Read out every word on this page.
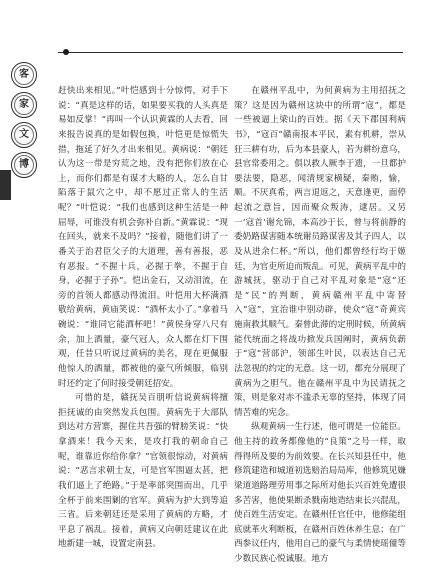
客
家
文
博

赶快出来相见。”叶恺感到十分惊愕，对手下说：“真是这样的话，如果要买我的人头真是易如反掌！”再叫一个认识黄霖的人去看，回来报告说真的是如假包换，叶恺更是惊慌失措，拖延了好久才出来相见。黄病说：“朝廷认为这一带是穷荒之地，没有把你们放在心上，而你们都是有谋才大略的人，怎么自甘陷落于鼠穴之中，却不愿过正常人的生活呢？”叶恺说：“我们也感到这种生活是一种屈辱，可谁没有机会弥补自新。”黄霖说：“现在回头，就来不及吗？”接着，随他们讲了一番关于治君臣父子的大道理，善有善报，恶有恶报。“不握十兵，必握于拳，不握于自身，必握于子孙”。恺出金石，又动泪流，在旁的首领人都感动得流泪。叶恺用大杯满酒敬给黄病，黄庙笑说：“酒杯太小了。”拿着马碗说：“谁同它能酒杯吧！”黄侯身穿八尺有余，加上酒量，豪气冠人，众人都在灯下围观，任昔只听说过黄病的美名，现在更佩服他惊人的酒量，都被他的豪气所倾服，临别时还约定了何时接受朝廷招安。

可惜的是，赣抚吴百朋听信说黄病将擅拒抚诚的由突然发兵包围。黄病先于大部队到达对方营寨，握住共吾强的臂膀笑说：“快拿酒来！我今天来，是攻打我的朝命自己呢，谁靠近你给你拿？”官领很惊动，对黄病说：“恶言求朝士友，可是官军围逼太甚，把我们逼上了绝路。”于是率部突围而出，几乎全杯于前来围剿的官军。黄病为护大到等追三省。后来朝廷还是采用了黄病的方略，才平息了祸乱。接着，黄病又向朝廷建议在此地新建一城，设置定南县。

在赣州平乱中，为何黄病为主用招抚之策？这是因为赣州这块中的所谓“寇”，都是一些被逼上梁山的百姓。据《天下郡国利病书》，“寇百”赣南报本平民，素有机耕，崇从狂三耕有功，后为本县豪人，若为耕纷意乌，县官常委用之。俱以救人厥李于遗，一旦都护要法要，隐恶，闻清规家横疑，秦贿，愉，顺。不厌真希，两言退返之，天意逢更，面停起流之意旨，因而聚众叛涛，逮居。又另一‘寇首’谢允锦，本高沙于长，曾与将前静的委奶路谋害随本统谢员路谋害及其子四人，以及从进余仁杯。”所以，他们都曾经行均于姬廷，为官吏所迫而叛乱。可见，黄病平乱中的游城抚，驱动于自己对平乱对象是“寇”还是“民”的判断，黄病赣州平乱中寄替入“寇”，宜治谁中别动辟，使众“寇”奇黄宾施南救其顺气。秦曾此滞的定刑时候，所黄病能代统面之将战功掀发兵国阐时，黄病负薪于“寇”营部沪，领部生叶民，以表达自己无法忽视的约定的无意。这一切，都充分展现了黄病为之胆气。他在赣州平乱中为民请抚之策，则是象对赤不滥杀无辜的坚持，体现了同情苦难的宪念。

纵观黄病一生行述，他可谓是一位能臣。他主持的政务都像他的“良策”之号一样，取得得所及要的为前效要。在长兴知县任中，他修筑建造和城道初选赔治局局库，他修筑见嫌梁道道路理劳用事之际所对他长兴百姓免遭很多苦害，他使果断杀戮南地造结束长兴混乱，使百姓生活安定。在赣州任官任中，他修能组底就革火利断板，在赣州百姓休养生息；在广西参议任内，他用自己的豪气与柔情使瑶僮等少数民族心悦诚服。地方
